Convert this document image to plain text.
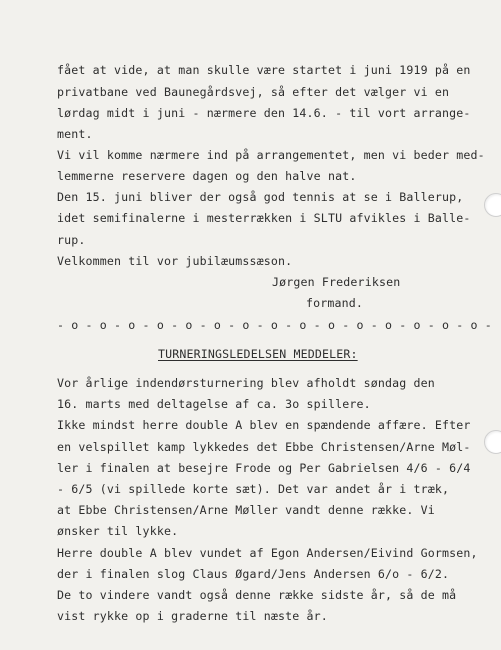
fået at vide, at man skulle være startet i juni 1919 på en
privatbane ved Baunegårdsvej, så efter det vælger vi en
lørdag midt i juni - nærmere den 14.6. - til vort arrange-
ment.
Vi vil komme nærmere ind på arrangementet, men vi beder med-
lemmerne reservere dagen og den halve nat.
Den 15. juni bliver der også god tennis at se i Ballerup,
idet semifinalerne i mesterrækken i SLTU afvikles i Balle-
rup.
Velkommen til vor jubilæumssæson.
Jørgen Frederiksen
formand.
- o - o - o - o - o - o - o - o - o - o - o - o - o - o - o -
TURNERINGSLEDELSEN MEDDELER:
Vor årlige indendørsturnering blev afholdt søndag den
16. marts med deltagelse af ca. 3o spillere.
Ikke mindst herre double A blev en spændende affære. Efter
en velspillet kamp lykkedes det Ebbe Christensen/Arne Møl-
ler i finalen at besejre Frode og Per Gabrielsen 4/6 - 6/4
- 6/5 (vi spillede korte sæt). Det var andet år i træk,
at Ebbe Christensen/Arne Møller vandt denne række. Vi
ønsker til lykke.
Herre double A blev vundet af Egon Andersen/Eivind Gormsen,
der i finalen slog Claus Øgard/Jens Andersen 6/o - 6/2.
De to vindere vandt også denne række sidste år, så de må
vist rykke op i graderne til næste år.
